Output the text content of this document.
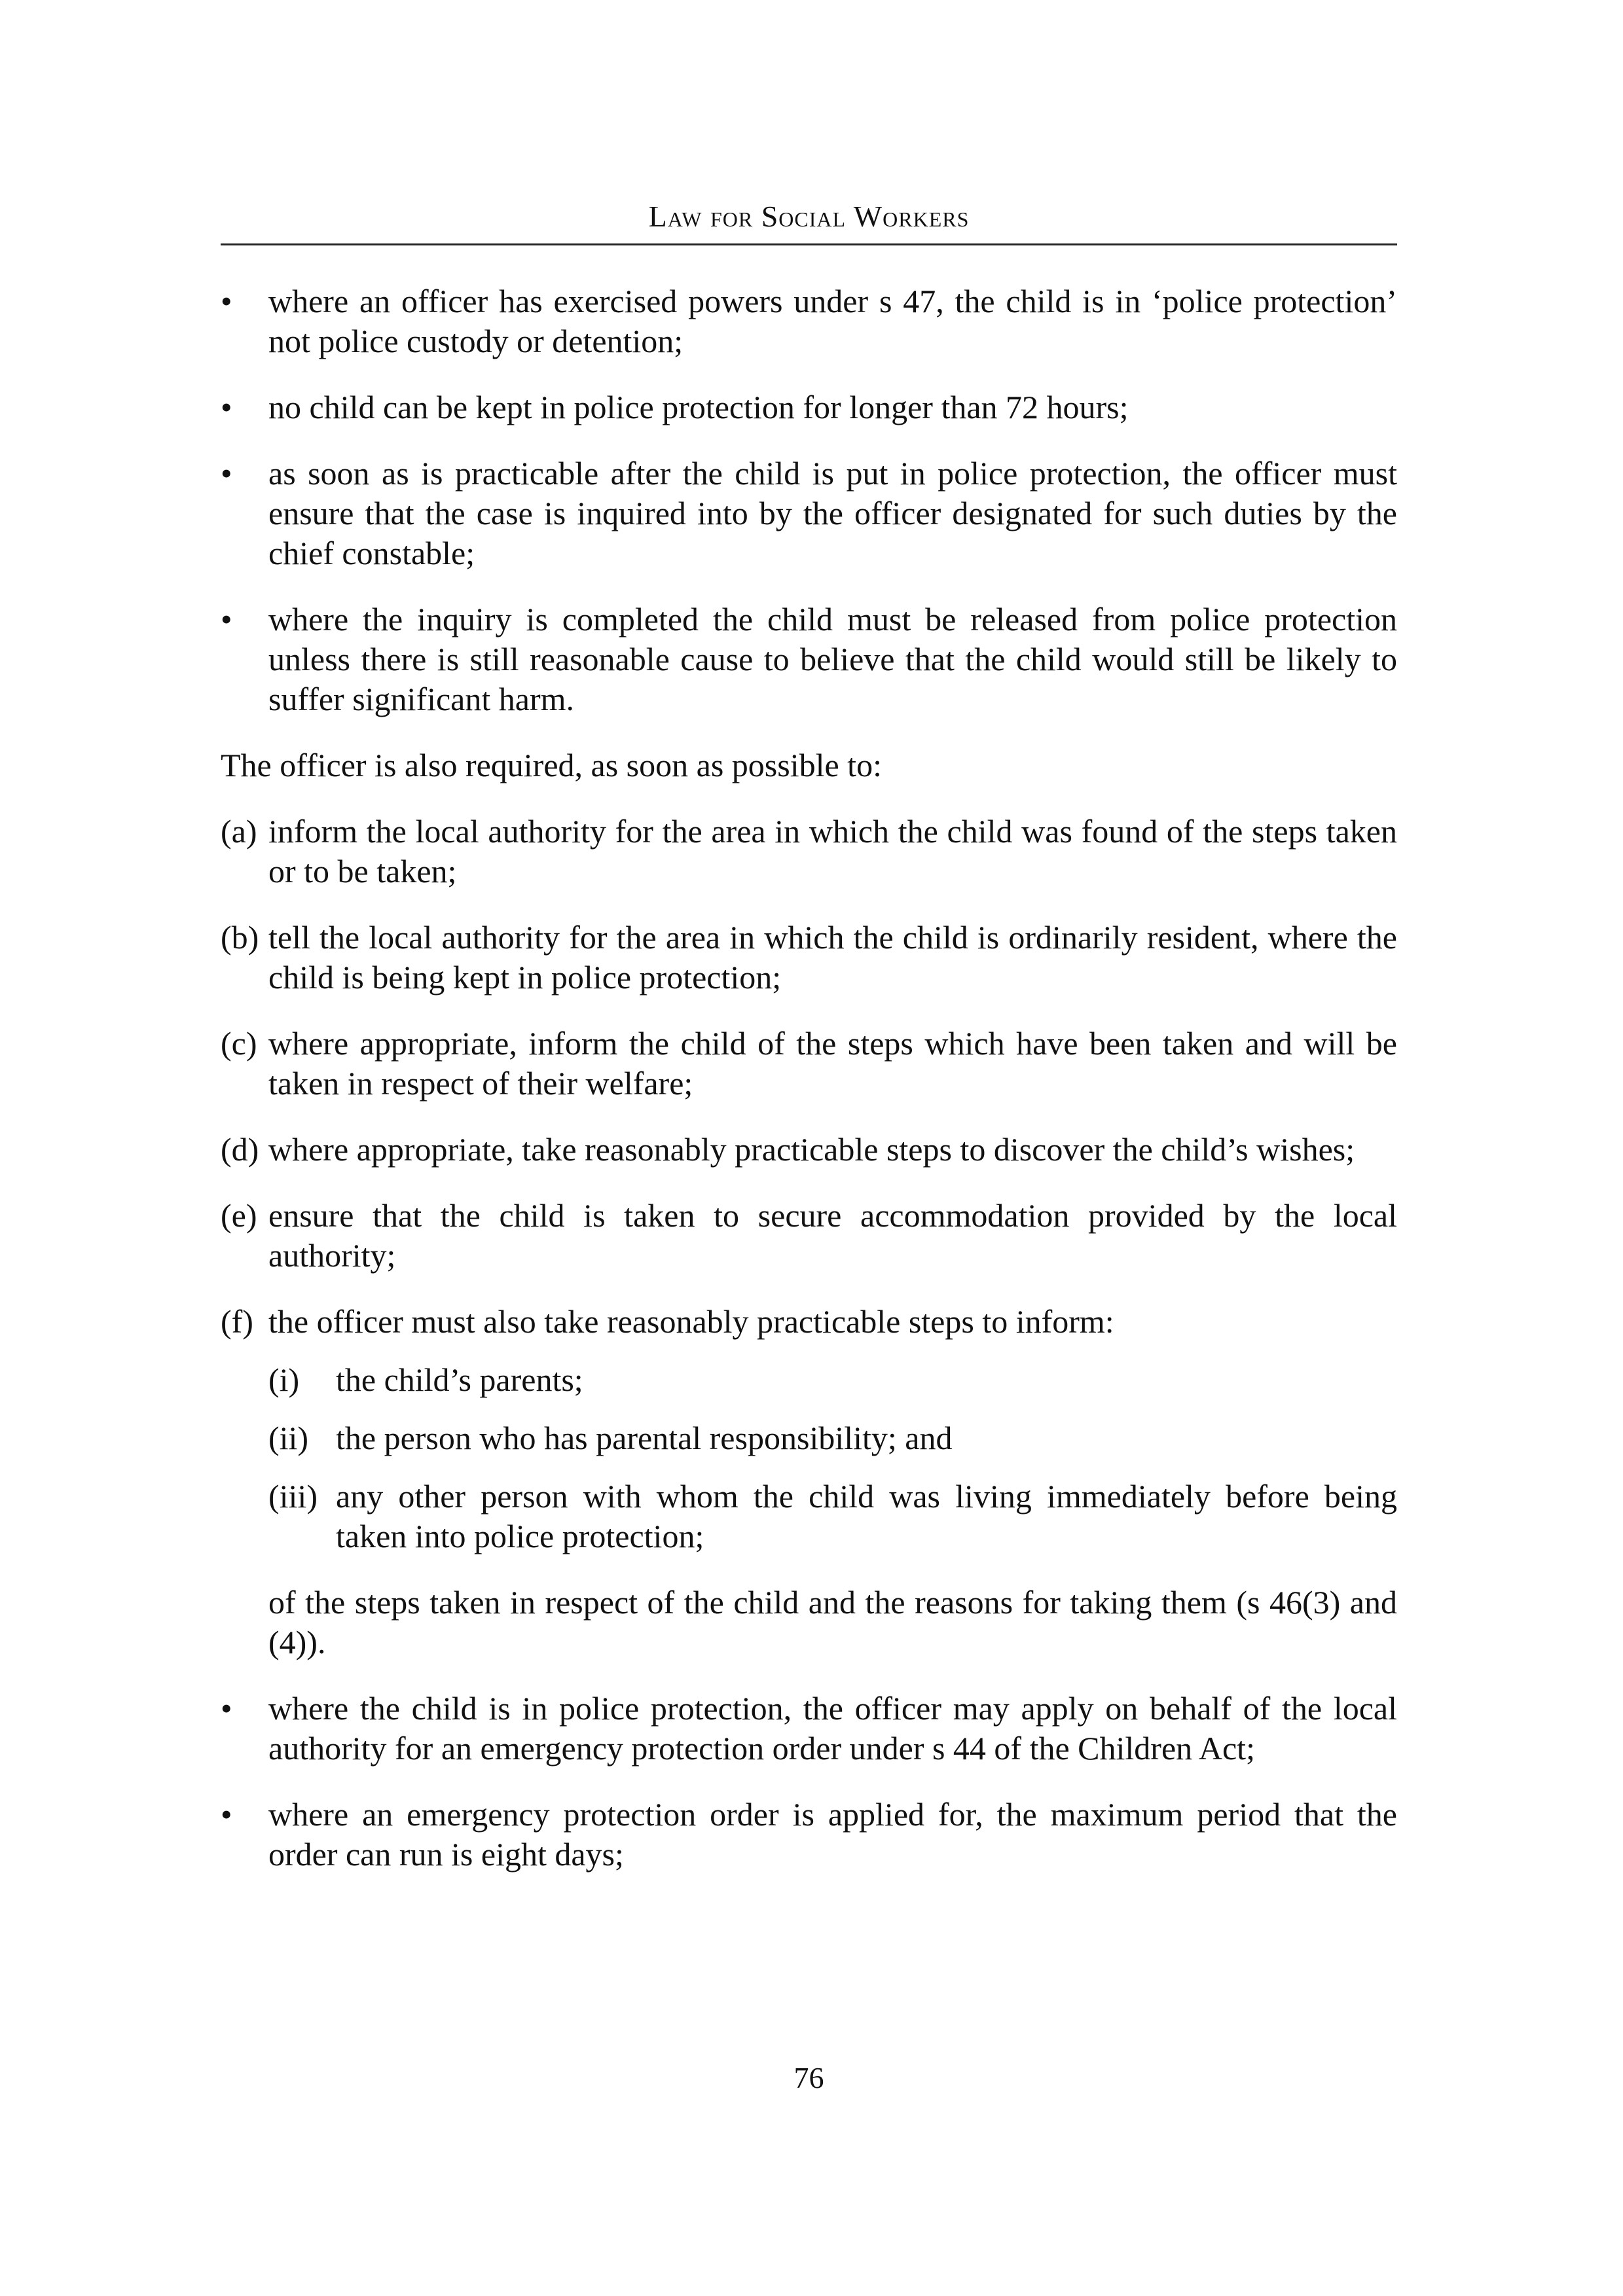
Law for Social Workers
• where an officer has exercised powers under s 47, the child is in ‘police protection’ not police custody or detention;
• no child can be kept in police protection for longer than 72 hours;
• as soon as is practicable after the child is put in police protection, the officer must ensure that the case is inquired into by the officer designated for such duties by the chief constable;
• where the inquiry is completed the child must be released from police protection unless there is still reasonable cause to believe that the child would still be likely to suffer significant harm.
The officer is also required, as soon as possible to:
(a) inform the local authority for the area in which the child was found of the steps taken or to be taken;
(b) tell the local authority for the area in which the child is ordinarily resident, where the child is being kept in police protection;
(c) where appropriate, inform the child of the steps which have been taken and will be taken in respect of their welfare;
(d) where appropriate, take reasonably practicable steps to discover the child’s wishes;
(e) ensure that the child is taken to secure accommodation provided by the local authority;
(f) the officer must also take reasonably practicable steps to inform:
(i) the child’s parents;
(ii) the person who has parental responsibility; and
(iii) any other person with whom the child was living immediately before being taken into police protection;
of the steps taken in respect of the child and the reasons for taking them (s 46(3) and (4)).
• where the child is in police protection, the officer may apply on behalf of the local authority for an emergency protection order under s 44 of the Children Act;
• where an emergency protection order is applied for, the maximum period that the order can run is eight days;
76
